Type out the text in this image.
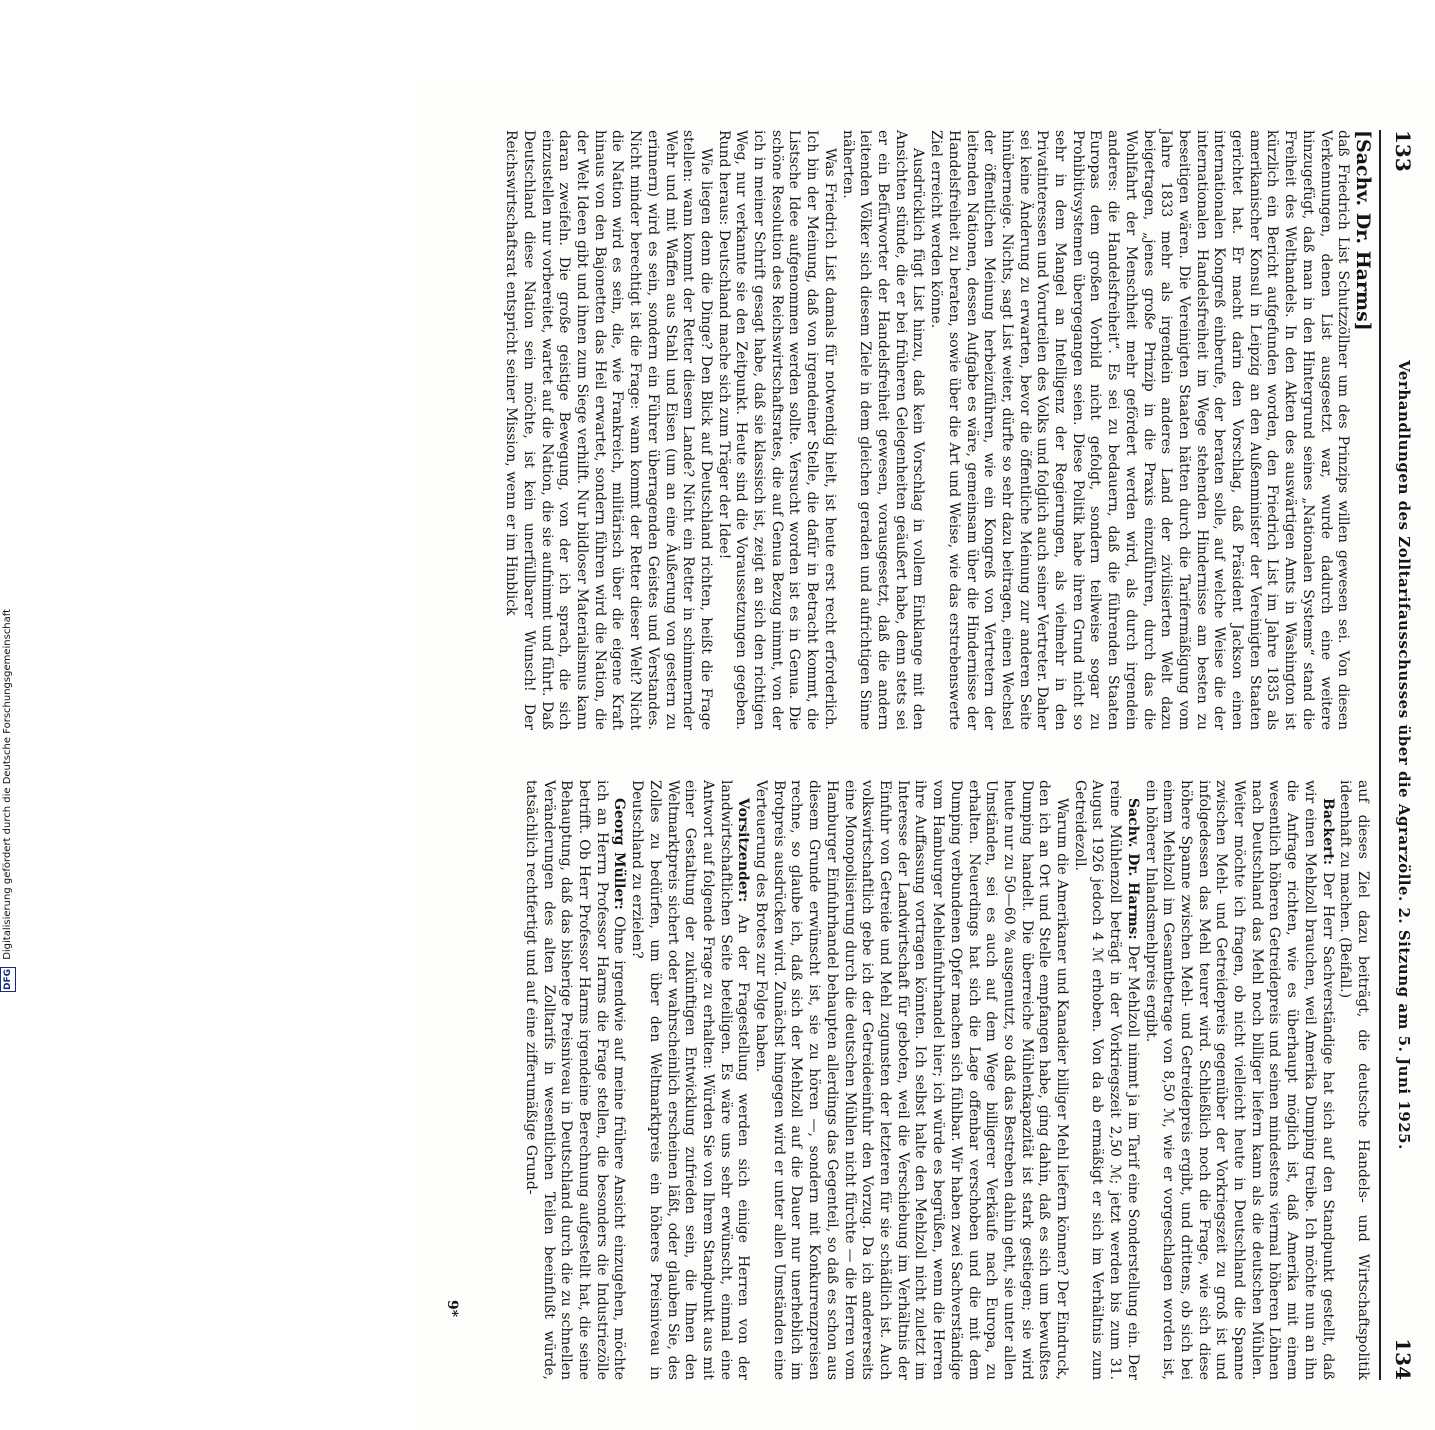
DFG Digitalisierung gefördert durch die Deutsche Forschungsgemeinschaft
133
Verhandlungen des Zolltarifausschusses über die Agrarzölle. 2. Sitzung am 5. Juni 1925.
134
[Sachv. Dr. Harms]

daß Friedrich List Schutzzöllner um des Prinzips willen gewesen sei. Von diesen Verkennungen, denen List ausgesetzt war, wurde dadurch eine weitere hinzugefügt, daß man in den Hintergrund seines „Nationalen Systems“ stand die Freiheit des Welthandels. In den Akten des auswärtigen Amts in Washington ist kürzlich ein Bericht aufgefunden worden, den Friedrich List im Jahre 1835 als amerikanischer Konsul in Leipzig an den Außenminister der Vereinigten Staaten gerichtet hat. Er macht darin den Vorschlag, daß Präsident Jackson einen internationalen Kongreß einberufe, der beraten solle, auf welche Weise die der internationalen Handelsfreiheit im Wege stehenden Hindernisse am besten zu beseitigen wären. Die Vereinigten Staaten hätten durch die Tarifermäßigung vom Jahre 1833 mehr als irgendein anderes Land der zivilisierten Welt dazu beigetragen, „jenes große Prinzip in die Praxis einzuführen, durch das die Wohlfahrt der Menschheit mehr gefördert werden wird, als durch irgendein anderes: die Handelsfreiheit“. Es sei zu bedauern, daß die führenden Staaten Europas dem großen Vorbild nicht gefolgt, sondern teilweise sogar zu Prohibitivsystemen übergegangen seien. Diese Politik habe ihren Grund nicht so sehr in dem Mangel an Intelligenz der Regierungen, als vielmehr in den Privatinteressen und Vorurteilen des Volks und folglich auch seiner Vertreter. Daher sei keine Änderung zu erwarten, bevor die öffentliche Meinung zur anderen Seite hinüberneige. Nichts, sagt List weiter, dürfte so sehr dazu beitragen, einen Wechsel der öffentlichen Meinung herbeizuführen, wie ein Kongreß von Vertretern der leitenden Nationen, dessen Aufgabe es wäre, gemeinsam über die Hindernisse der Handelsfreiheit zu beraten, sowie über die Art und Weise, wie das erstrebenswerte Ziel erreicht werden könne.

Ausdrücklich fügt List hinzu, daß kein Vorschlag in vollem Einklange mit den Ansichten stünde, die er bei früheren Gelegenheiten geäußert habe, denn stets sei er ein Befürworter der Handelsfreiheit gewesen, vorausgesetzt, daß die andern leitenden Völker sich diesem Ziele in dem gleichen geraden und aufrichtigen Sinne näherten.

Was Friedrich List damals für notwendig hielt, ist heute erst recht erforderlich. Ich bin der Meinung, daß von irgendeiner Stelle, die dafür in Betracht kommt, die Listsche Idee aufgenommen werden sollte. Versucht worden ist es in Genua. Die schöne Resolution des Reichswirtschaftsrates, die auf Genua Bezug nimmt, von der ich in meiner Schrift gesagt habe, daß sie klassisch ist, zeigt an sich den richtigen Weg, nur verkannte sie den Zeitpunkt. Heute sind die Voraussetzungen gegeben. Rund heraus: Deutschland mache sich zum Träger der Idee!

Wie liegen denn die Dinge? Den Blick auf Deutschland richten, heißt die Frage stellen: wann kommt der Retter diesem Lande? Nicht ein Retter in schimmernder Wehr und mit Waffen aus Stahl und Eisen (um an eine Äußerung von gestern zu erinnern) wird es sein, sondern ein Führer überragenden Geistes und Verstandes. Nicht minder berechtigt ist die Frage: wann kommt der Retter dieser Welt? Nicht die Nation wird es sein, die, wie Frankreich, militärisch über die eigene Kraft hinaus von den Bajonetten das Heil erwartet, sondern führen wird die Nation, die der Welt Ideen gibt und ihnen zum Siege verhilft. Nur bildloser Materialismus kann daran zweifeln. Die große geistige Bewegung, von der ich sprach, die sich einzustellen nur vorbereitet, wartet auf die Nation, die sie aufnimmt und führt. Daß Deutschland diese Nation sein möchte, ist kein unerfüllbarer Wunsch! Der Reichswirtschaftsrat entspricht seiner Mission, wenn er im Hinblick

auf dieses Ziel dazu beiträgt, die deutsche Handels- und Wirtschaftspolitik ideenhaft zu machen. (Beifall.)

Backert: Der Herr Sachverständige hat sich auf den Standpunkt gestellt, daß wir einen Mehlzoll brauchen, weil Amerika Dumping treibe. Ich möchte nun an ihn die Anfrage richten, wie es überhaupt möglich ist, daß Amerika mit einem wesentlich höheren Getreidepreis und seinen mindestens viermal höheren Löhnen nach Deutschland das Mehl noch billiger liefern kann als die deutschen Mühlen. Weiter möchte ich fragen, ob nicht vielleicht heute in Deutschland die Spanne zwischen Mehl- und Getreidepreis gegenüber der Vorkriegszeit zu groß ist und infolgedessen das Mehl teurer wird. Schließlich noch die Frage, wie sich diese höhere Spanne zwischen Mehl- und Getreidepreis ergibt, und drittens, ob sich bei einem Mehlzoll im Gesamtbetrage von 8,50 ℳ, wie er vorgeschlagen worden ist, ein höherer Inlandsmehlpreis ergibt.

Sachv. Dr. Harms: Der Mehlzoll nimmt ja im Tarif eine Sonderstellung ein. Der reine Mühlenzoll beträgt in der Vorkriegszeit 2,50 ℳ; jetzt werden bis zum 31. August 1926 jedoch 4 ℳ erhoben. Von da ab ermäßigt er sich im Verhältnis zum Getreidezoll.

Warum die Amerikaner und Kanadier billiger Mehl liefern können? Der Eindruck, den ich an Ort und Stelle empfangen habe, ging dahin, daß es sich um bewußtes Dumping handelt. Die überreiche Mühlenkapazität ist stark gestiegen; sie wird heute nur zu 50—60 % ausgenutzt, so daß das Bestreben dahin geht, sie unter allen Umständen, sei es auch auf dem Wege billigerer Verkäufe nach Europa, zu erhalten. Neuerdings hat sich die Lage offenbar verschoben und die mit dem Dumping verbundenen Opfer machen sich fühlbar. Wir haben zwei Sachverständige vom Hamburger Mehleinfuhrhandel hier; ich würde es begrüßen, wenn die Herren ihre Auffassung vortragen könnten. Ich selbst halte den Mehlzoll nicht zuletzt im Interesse der Landwirtschaft für geboten, weil die Verschiebung im Verhältnis der Einfuhr von Getreide und Mehl zugunsten der letzteren für sie schädlich ist. Auch volkswirtschaftlich gebe ich der Getreideeinfuhr den Vorzug. Da ich andererseits eine Monopolisierung durch die deutschen Mühlen nicht fürchte — die Herren vom Hamburger Einfuhrhandel behaupten allerdings das Gegenteil, so daß es schon aus diesem Grunde erwünscht ist, sie zu hören —, sondern mit Konkurrenzpreisen rechne, so glaube ich, daß sich der Mehlzoll auf die Dauer nur unerheblich im Brotpreis ausdrücken wird. Zunächst hingegen wird er unter allen Umständen eine Verteuerung des Brotes zur Folge haben.

Vorsitzender: An der Fragestellung werden sich einige Herren von der landwirtschaftlichen Seite beteiligen. Es wäre uns sehr erwünscht, einmal eine Antwort auf folgende Frage zu erhalten: Würden Sie von Ihrem Standpunkt aus mit einer Gestaltung der zukünftigen Entwicklung zufrieden sein, die Ihnen den Weltmarktpreis sichert oder wahrscheinlich erscheinen läßt, oder glauben Sie, des Zolles zu bedürfen, um über den Weltmarktpreis ein höheres Preisniveau in Deutschland zu erzielen?

Georg Müller: Ohne irgendwie auf meine frühere Ansicht einzugehen, möchte ich an Herrn Professor Harms die Frage stellen, die besonders die Industriezölle betrifft. Ob Herr Professor Harms irgendeine Berechnung aufgestellt hat, die seine Behauptung, daß das bisherige Preisniveau in Deutschland durch die zu schnellen Veränderungen des alten Zolltarifs in wesentlichen Teilen beeinflußt würde, tatsächlich rechtfertigt und auf eine zifferumäßige Grund-

9*
